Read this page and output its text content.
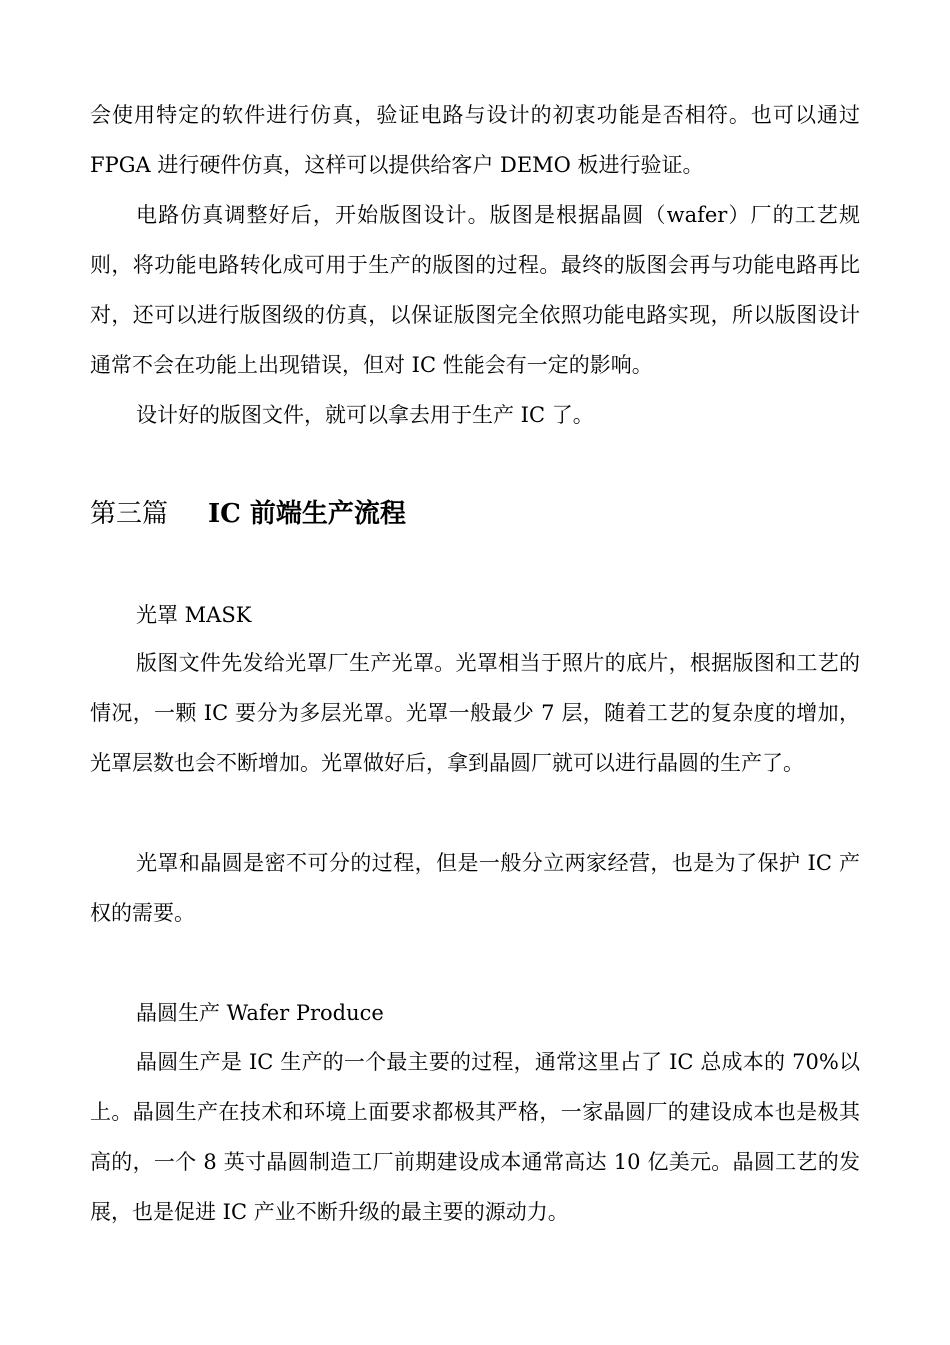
会使用特定的软件进行仿真，验证电路与设计的初衷功能是否相符。也可以通过 FPGA 进行硬件仿真，这样可以提供给客户 DEMO 板进行验证。

电路仿真调整好后，开始版图设计。版图是根据晶圆（wafer）厂的工艺规则，将功能电路转化成可用于生产的版图的过程。最终的版图会再与功能电路再比对，还可以进行版图级的仿真，以保证版图完全依照功能电路实现，所以版图设计通常不会在功能上出现错误，但对 IC 性能会有一定的影响。

设计好的版图文件，就可以拿去用于生产 IC 了。

第三篇 IC 前端生产流程

光罩 MASK

版图文件先发给光罩厂生产光罩。光罩相当于照片的底片，根据版图和工艺的情况，一颗 IC 要分为多层光罩。光罩一般最少 7 层，随着工艺的复杂度的增加，光罩层数也会不断增加。光罩做好后，拿到晶圆厂就可以进行晶圆的生产了。

光罩和晶圆是密不可分的过程，但是一般分立两家经营，也是为了保护 IC 产权的需要。

晶圆生产 Wafer Produce

晶圆生产是 IC 生产的一个最主要的过程，通常这里占了 IC 总成本的 70%以上。晶圆生产在技术和环境上面要求都极其严格，一家晶圆厂的建设成本也是极其高的，一个 8 英寸晶圆制造工厂前期建设成本通常高达 10 亿美元。晶圆工艺的发展，也是促进 IC 产业不断升级的最主要的源动力。
